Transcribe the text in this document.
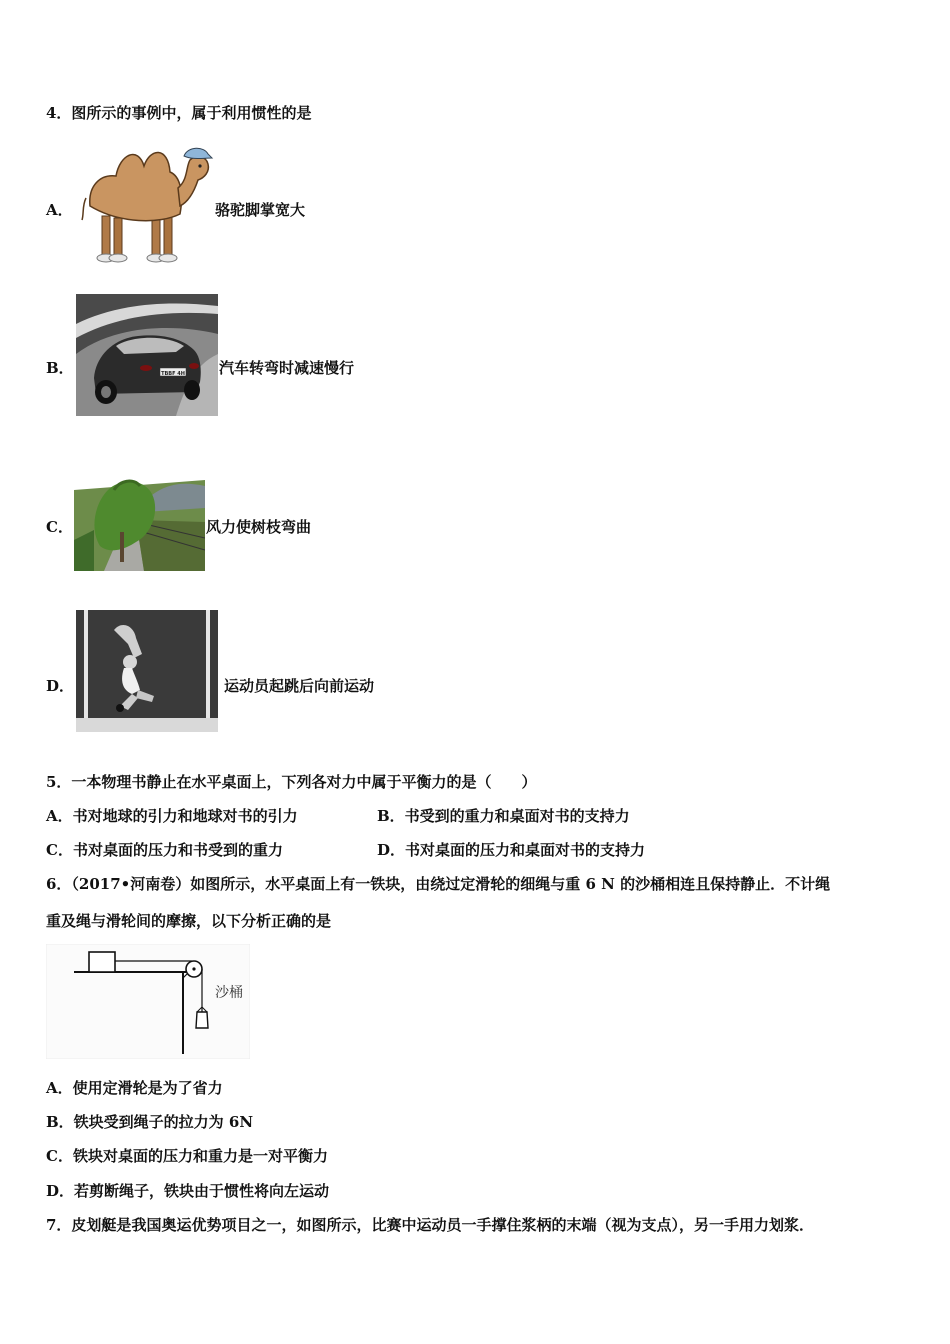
4．图所示的事例中，属于利用惯性的是
A．	骆驼脚掌宽大
B．	TBBF 4H 汽车转弯时减速慢行
C．	风力使树枝弯曲
D．	运动员起跳后向前运动
5．一本物理书静止在水平桌面上，下列各对力中属于平衡力的是（　　）
A．书对地球的引力和地球对书的引力	B．书受到的重力和桌面对书的支持力
C．书对桌面的压力和书受到的重力	D．书对桌面的压力和桌面对书的支持力
6．（2017•河南卷）如图所示，水平桌面上有一铁块，由绕过定滑轮的细绳与重 6 N 的沙桶相连且保持静止．不计绳
重及绳与滑轮间的摩擦，以下分析正确的是
沙桶
A．使用定滑轮是为了省力
B．铁块受到绳子的拉力为 6N
C．铁块对桌面的压力和重力是一对平衡力
D．若剪断绳子，铁块由于惯性将向左运动
7．皮划艇是我国奥运优势项目之一，如图所示，比赛中运动员一手撑住浆柄的末端（视为支点），另一手用力划浆．
